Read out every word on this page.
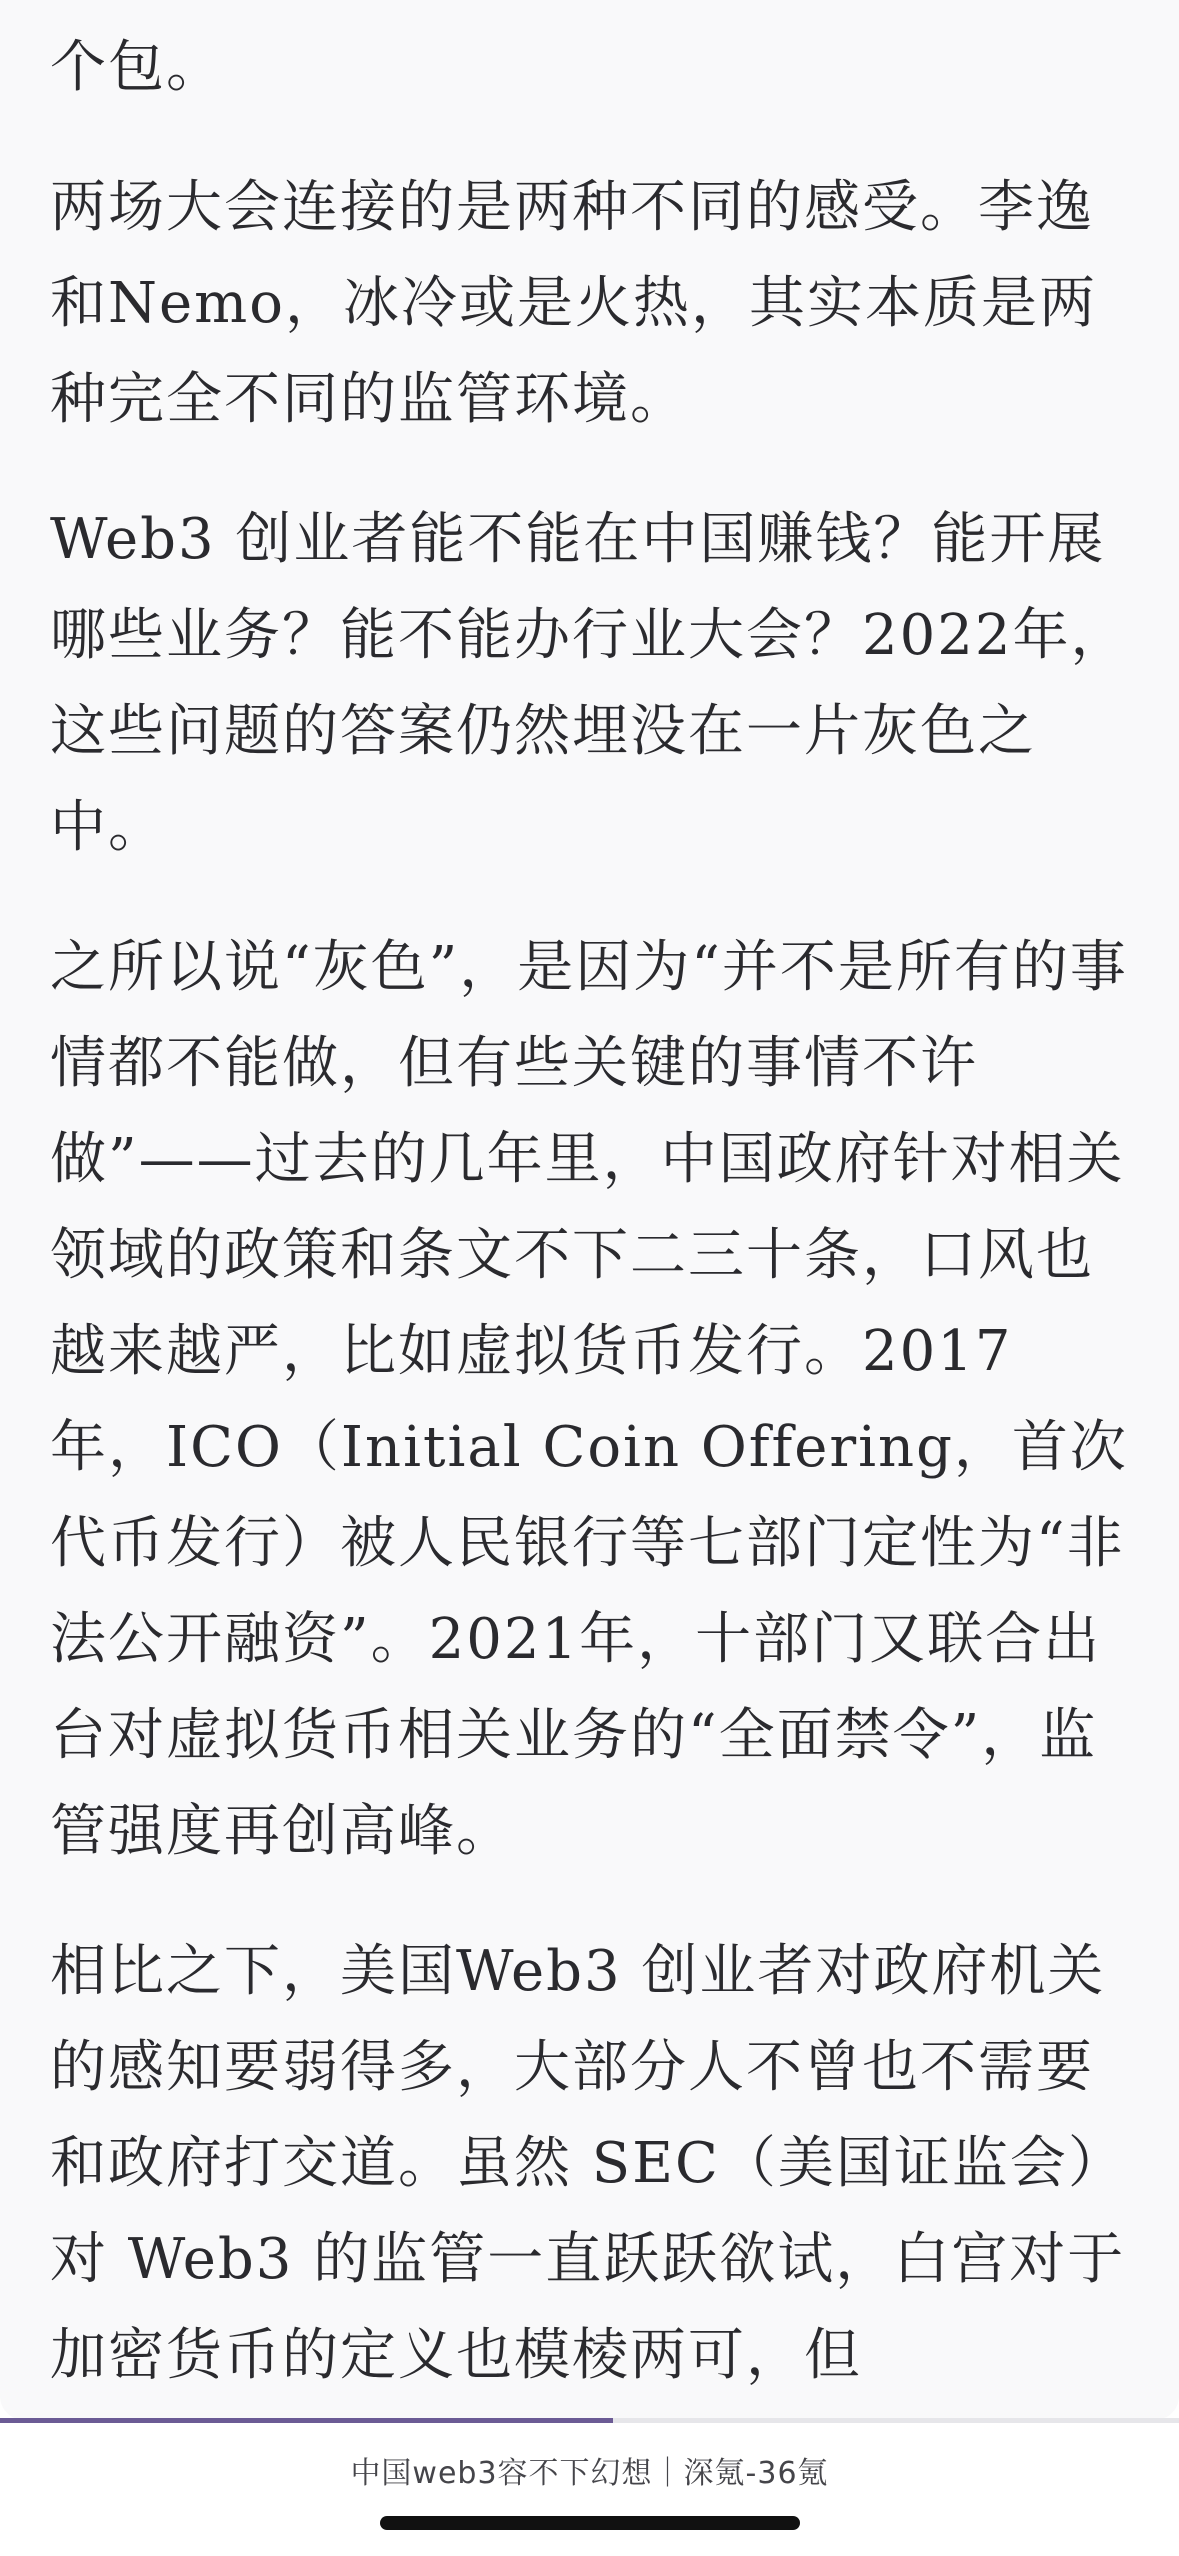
个包。

两场大会连接的是两种不同的感受。李逸和Nemo，冰冷或是火热，其实本质是两种完全不同的监管环境。

Web3 创业者能不能在中国赚钱？能开展哪些业务？能不能办行业大会？2022年，这些问题的答案仍然埋没在一片灰色之中。

之所以说“灰色”，是因为“并不是所有的事情都不能做，但有些关键的事情不许做”——过去的几年里，中国政府针对相关领域的政策和条文不下二三十条，口风也越来越严，比如虚拟货币发行。2017 年，ICO（Initial Coin Offering，首次代币发行）被人民银行等七部门定性为“非法公开融资”。2021年，十部门又联合出台对虚拟货币相关业务的“全面禁令”，监管强度再创高峰。

相比之下，美国Web3 创业者对政府机关的感知要弱得多，大部分人不曾也不需要和政府打交道。虽然 SEC（美国证监会）对 Web3 的监管一直跃跃欲试，白宫对于加密货币的定义也模棱两可，但

中国web3容不下幻想｜深氪-36氪
